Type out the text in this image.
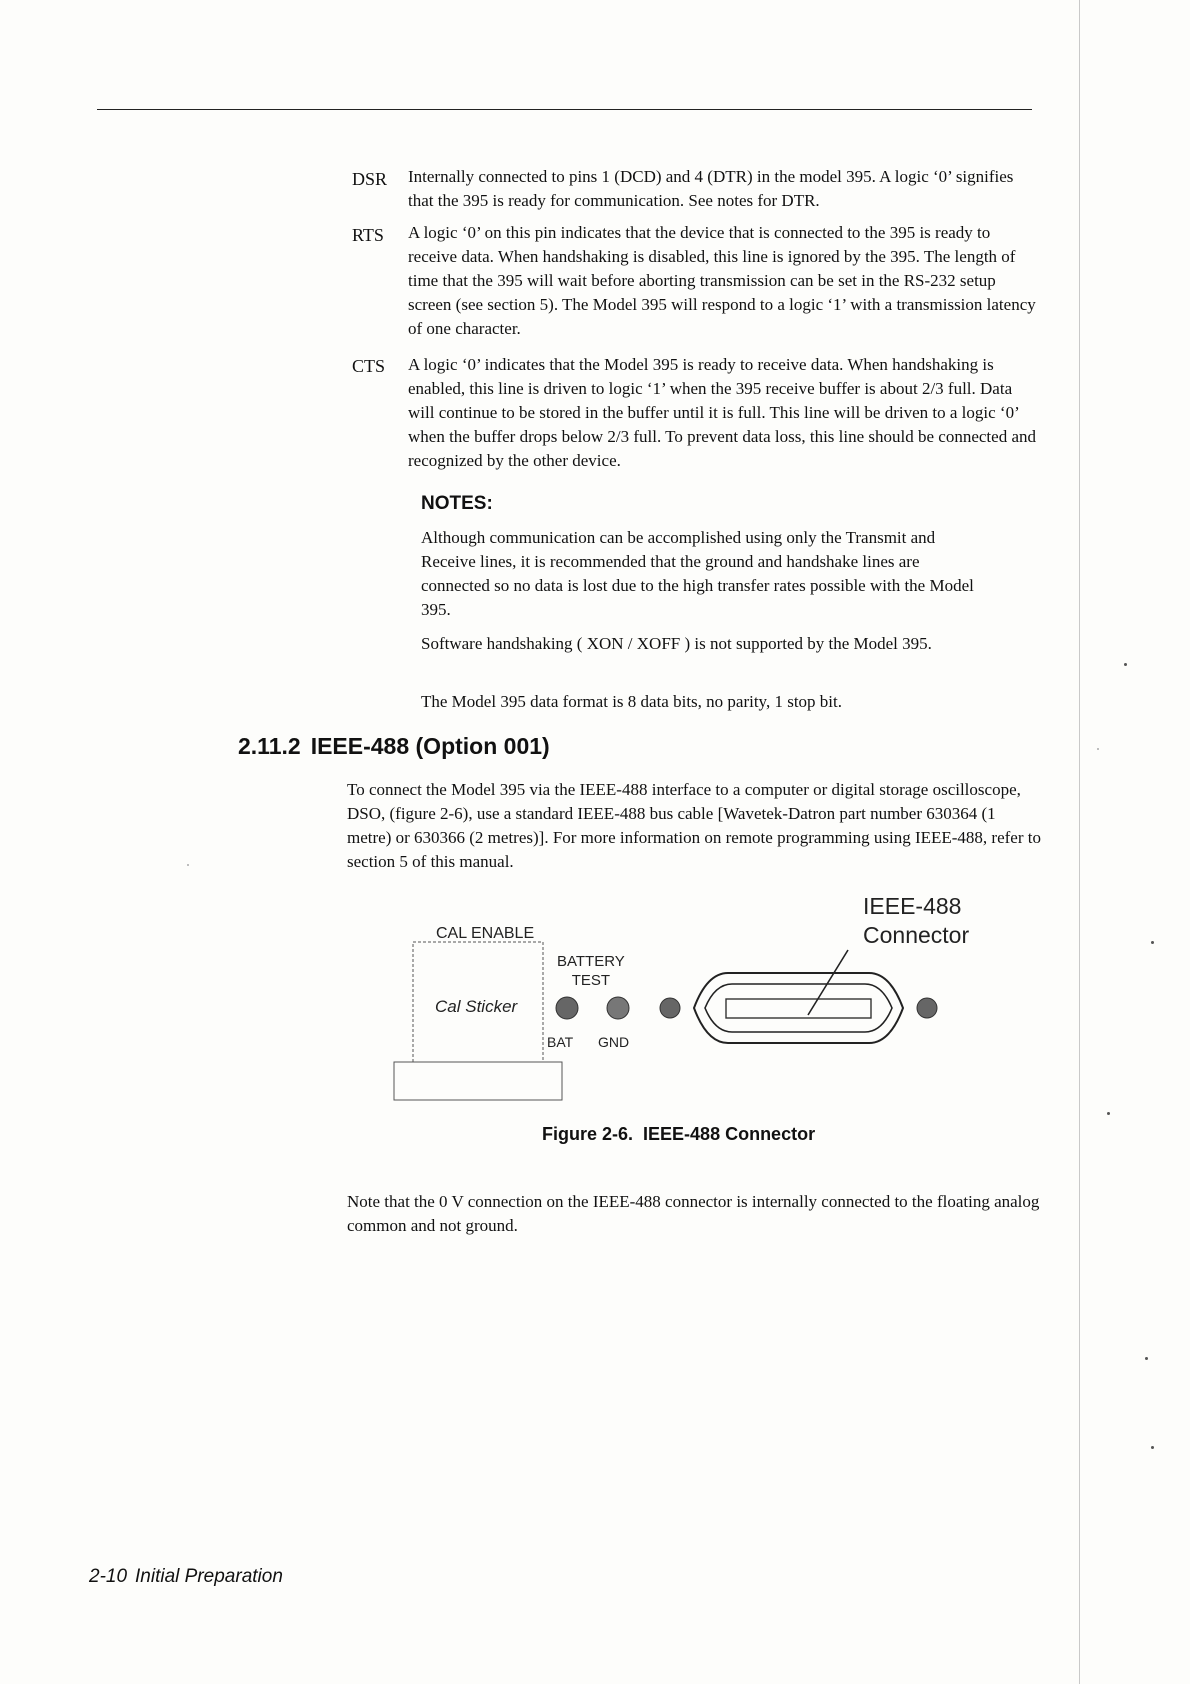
DSR Internally connected to pins 1 (DCD) and 4 (DTR) in the model 395. A logic ‘0’ signifies that the 395 is ready for communication. See notes for DTR.
RTS A logic ‘0’ on this pin indicates that the device that is connected to the 395 is ready to receive data. When handshaking is disabled, this line is ignored by the 395. The length of time that the 395 will wait before aborting transmission can be set in the RS-232 setup screen (see section 5). The Model 395 will respond to a logic ‘1’ with a transmission latency of one character.
CTS A logic ‘0’ indicates that the Model 395 is ready to receive data. When handshaking is enabled, this line is driven to logic ‘1’ when the 395 receive buffer is about 2/3 full. Data will continue to be stored in the buffer until it is full. This line will be driven to a logic ‘0’ when the buffer drops below 2/3 full. To prevent data loss, this line should be connected and recognized by the other device.
NOTES:
Although communication can be accomplished using only the Transmit and Receive lines, it is recommended that the ground and handshake lines are connected so no data is lost due to the high transfer rates possible with the Model 395.
Software handshaking ( XON / XOFF ) is not supported by the Model 395.
The Model 395 data format is 8 data bits, no parity, 1 stop bit.
2.11.2 IEEE-488 (Option 001)
To connect the Model 395 via the IEEE-488 interface to a computer or digital storage oscilloscope, DSO, (figure 2-6), use a standard IEEE-488 bus cable [Wavetek-Datron part number 630364 (1 metre) or 630366 (2 metres)]. For more information on remote programming using IEEE-488, refer to section 5 of this manual.
CAL ENABLE
Cal Sticker
BATTERY
TEST
BAT GND
IEEE-488
Connector
Figure 2-6. IEEE-488 Connector
Note that the 0 V connection on the IEEE-488 connector is internally connected to the floating analog common and not ground.
2-10 Initial Preparation
